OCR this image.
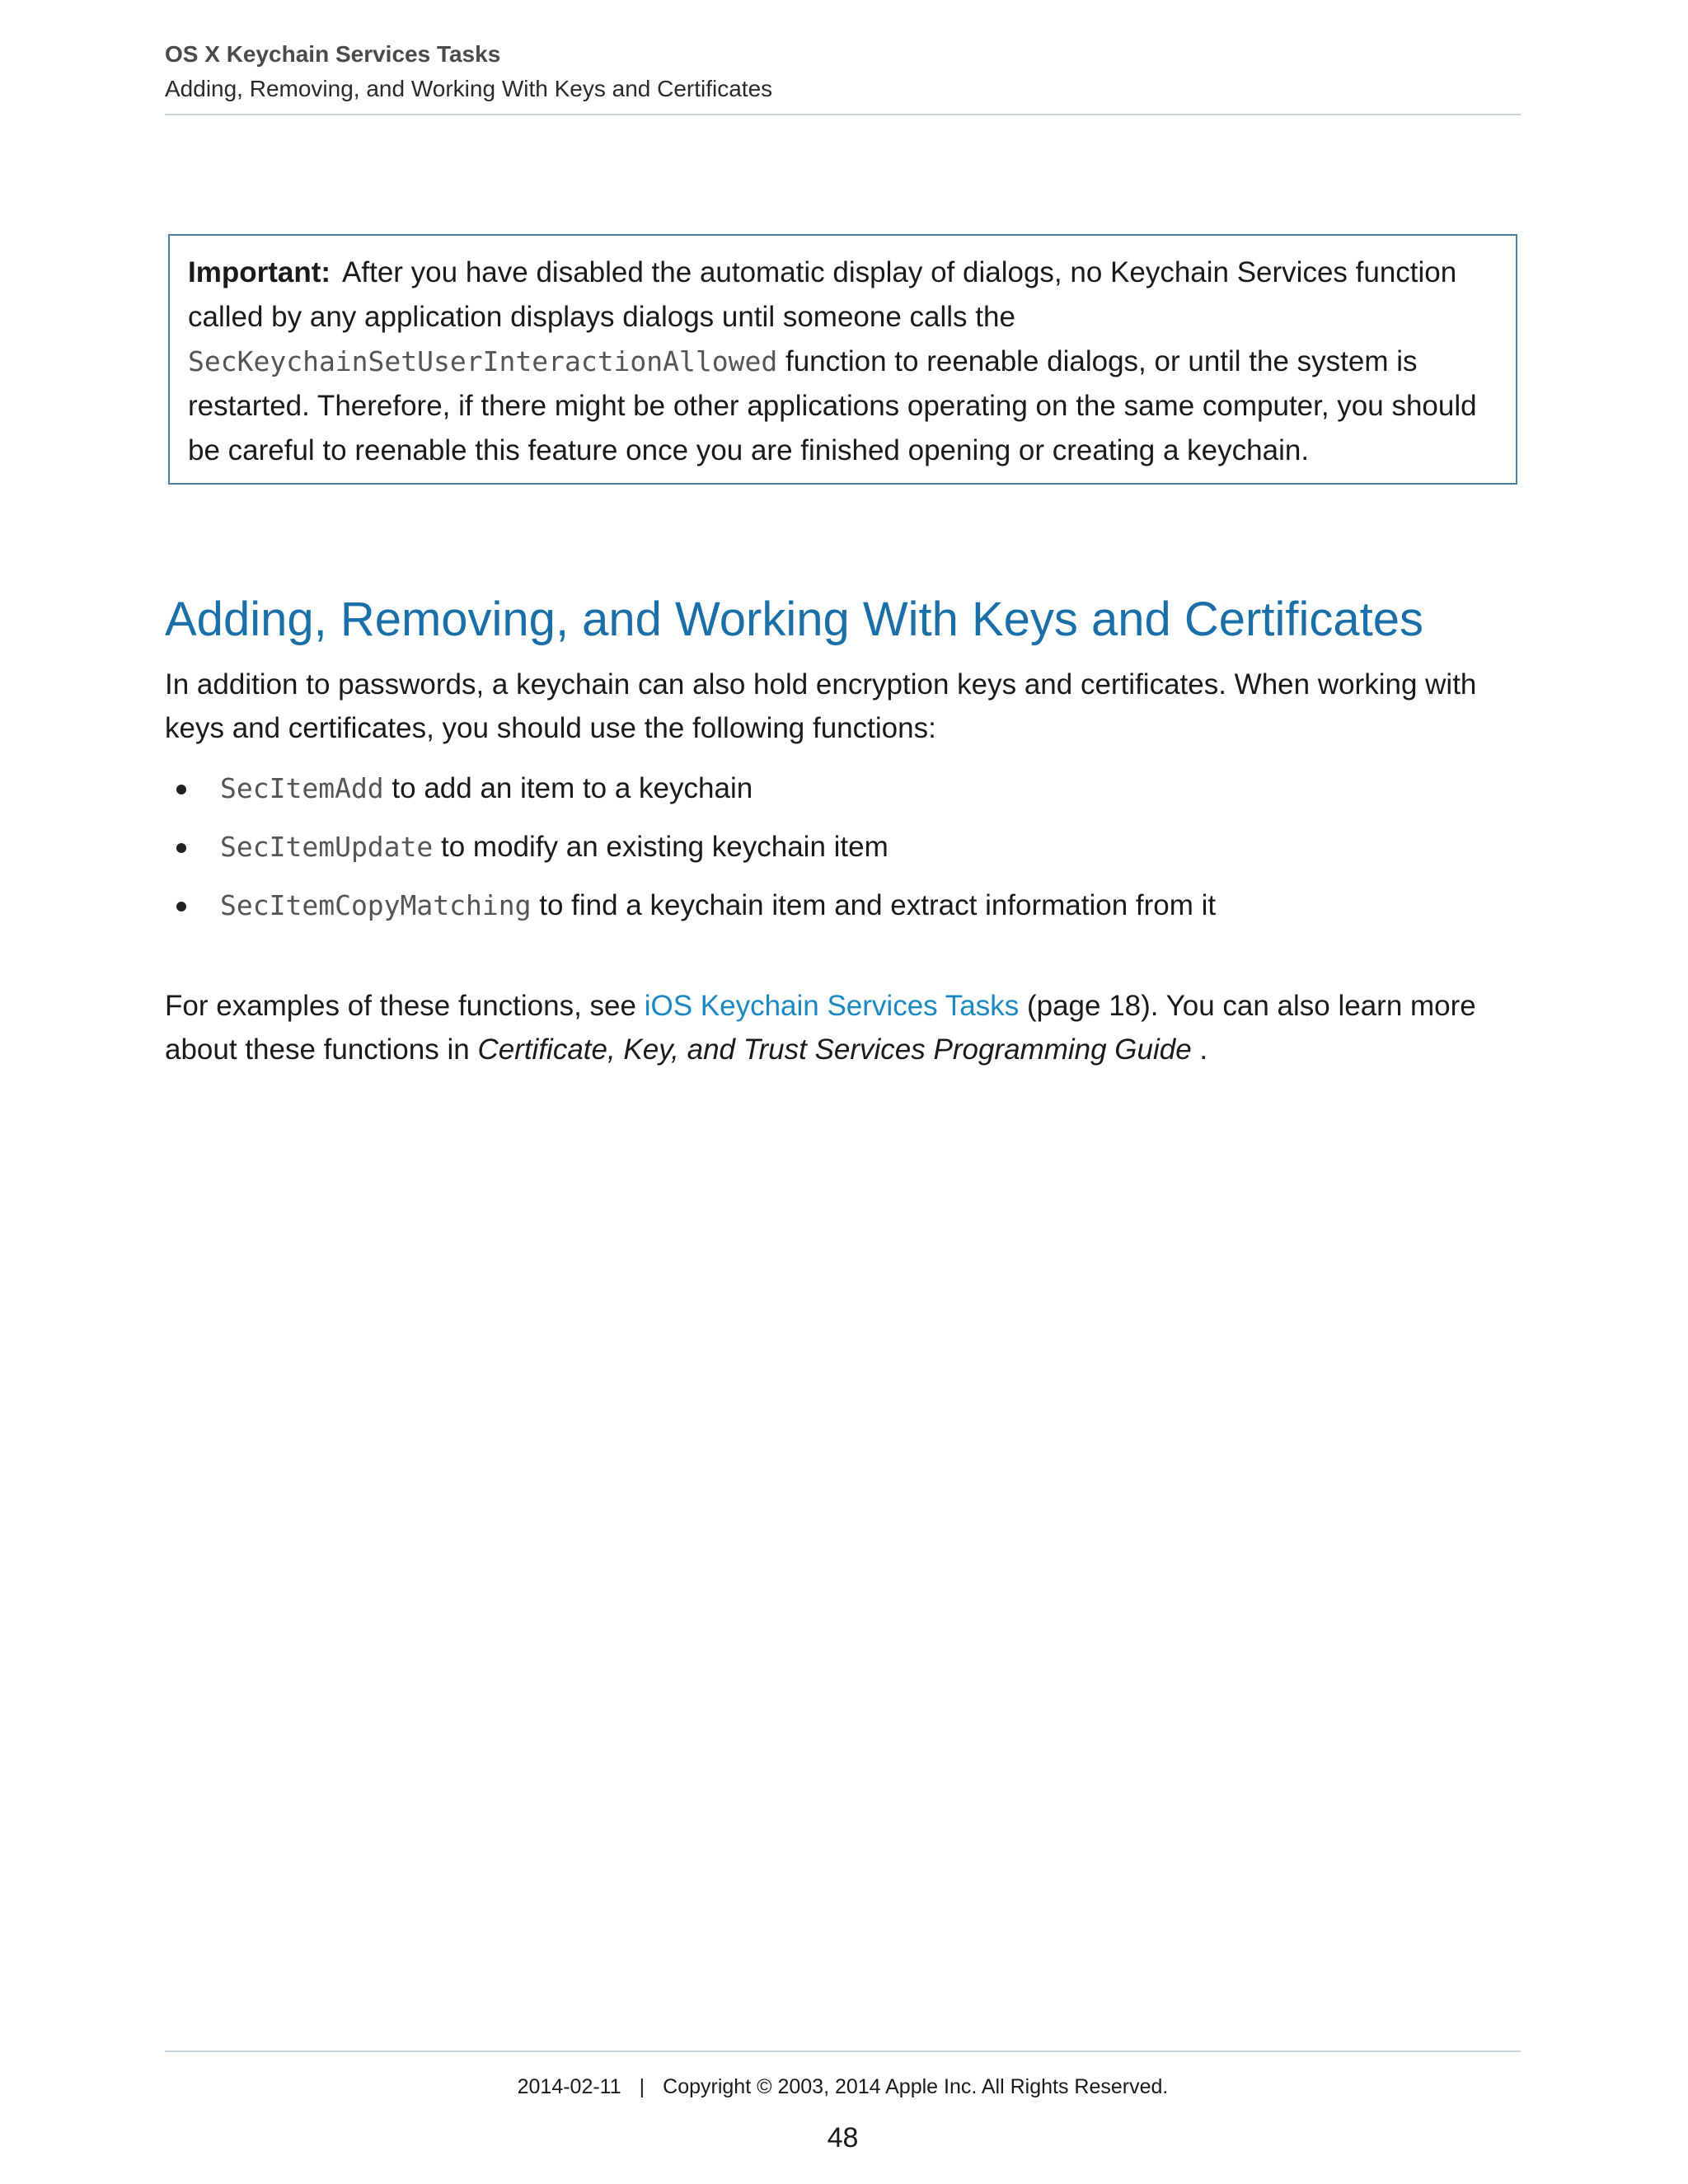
OS X Keychain Services Tasks
Adding, Removing, and Working With Keys and Certificates
Important: After you have disabled the automatic display of dialogs, no Keychain Services function called by any application displays dialogs until someone calls the SecKeychainSetUserInteractionAllowed function to reenable dialogs, or until the system is restarted. Therefore, if there might be other applications operating on the same computer, you should be careful to reenable this feature once you are finished opening or creating a keychain.
Adding, Removing, and Working With Keys and Certificates

In addition to passwords, a keychain can also hold encryption keys and certificates. When working with keys and certificates, you should use the following functions:

SecItemAdd to add an item to a keychain
SecItemUpdate to modify an existing keychain item
SecItemCopyMatching to find a keychain item and extract information from it

For examples of these functions, see iOS Keychain Services Tasks (page 18). You can also learn more about these functions in Certificate, Key, and Trust Services Programming Guide .

2014-02-11 | Copyright © 2003, 2014 Apple Inc. All Rights Reserved.
48
